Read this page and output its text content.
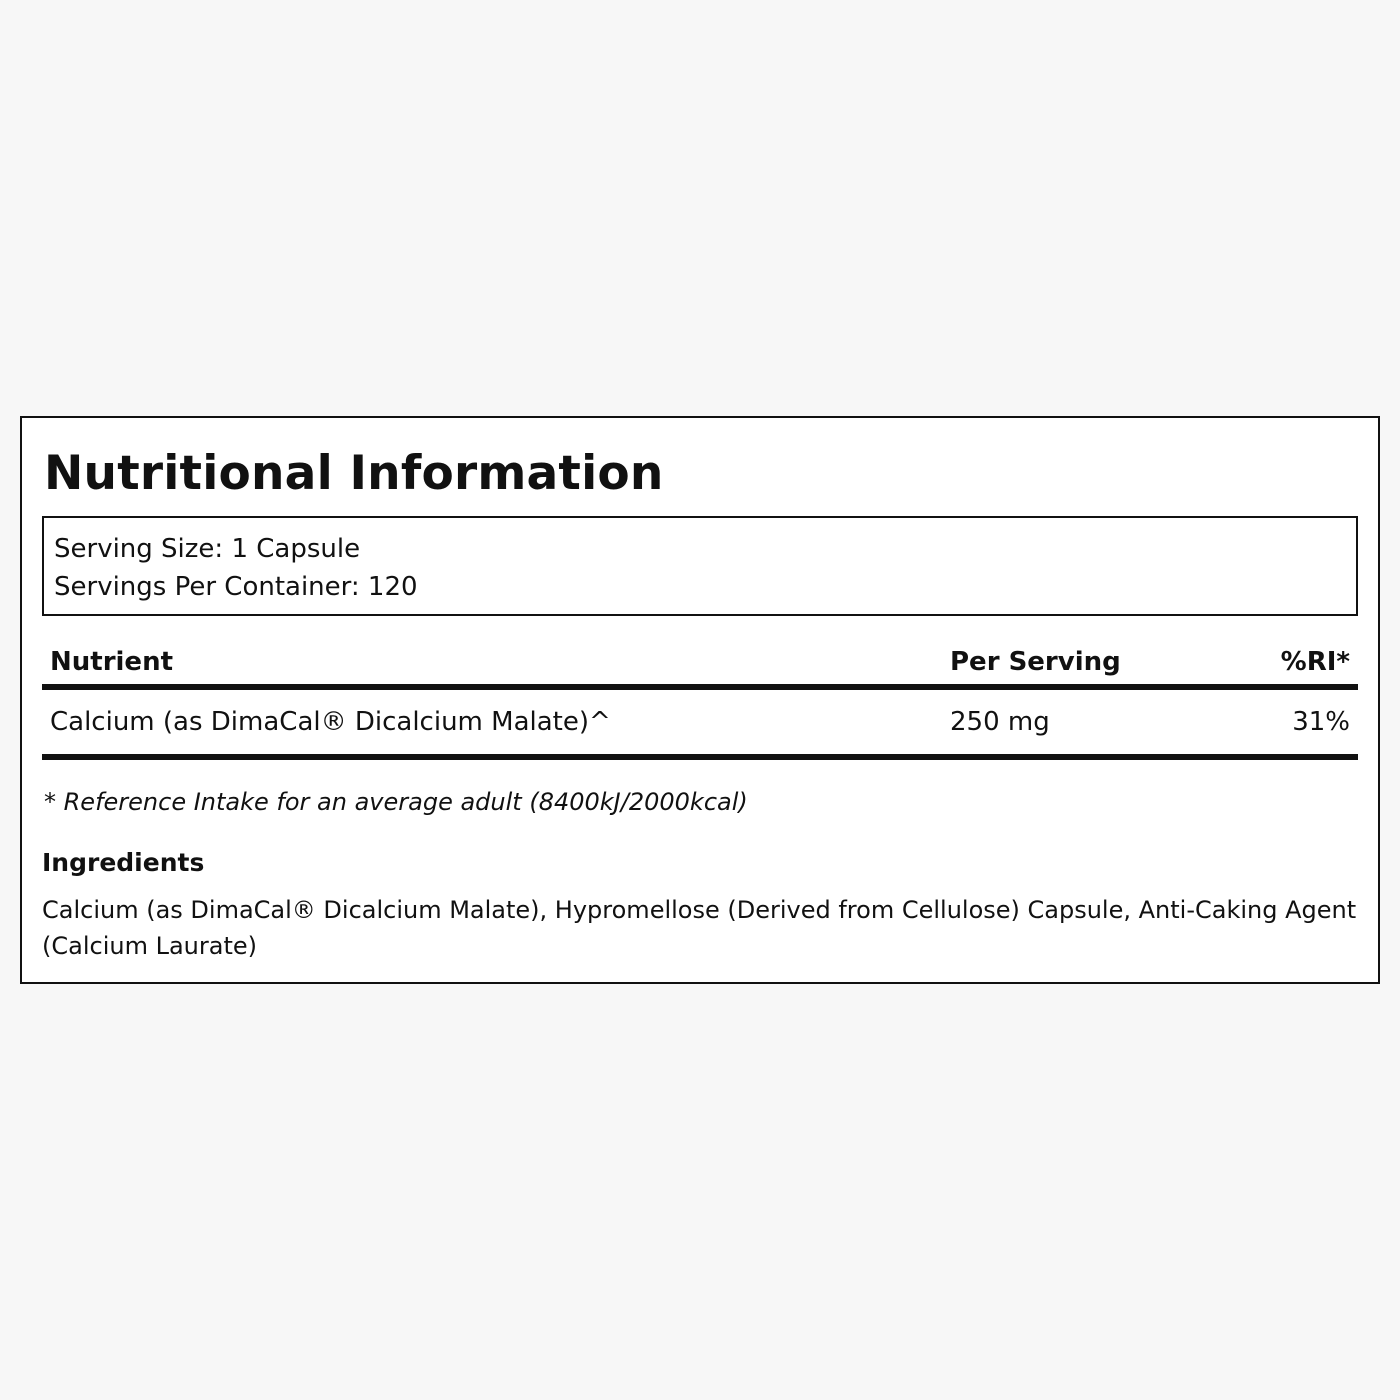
Nutritional Information
Serving Size: 1 Capsule
Servings Per Container: 120
Nutrient	Per Serving	%RI*
Calcium (as DimaCal® Dicalcium Malate)^	250 mg	31%
* Reference Intake for an average adult (8400kJ/2000kcal)
Ingredients
Calcium (as DimaCal® Dicalcium Malate), Hypromellose (Derived from Cellulose) Capsule, Anti-Caking Agent (Calcium Laurate)
